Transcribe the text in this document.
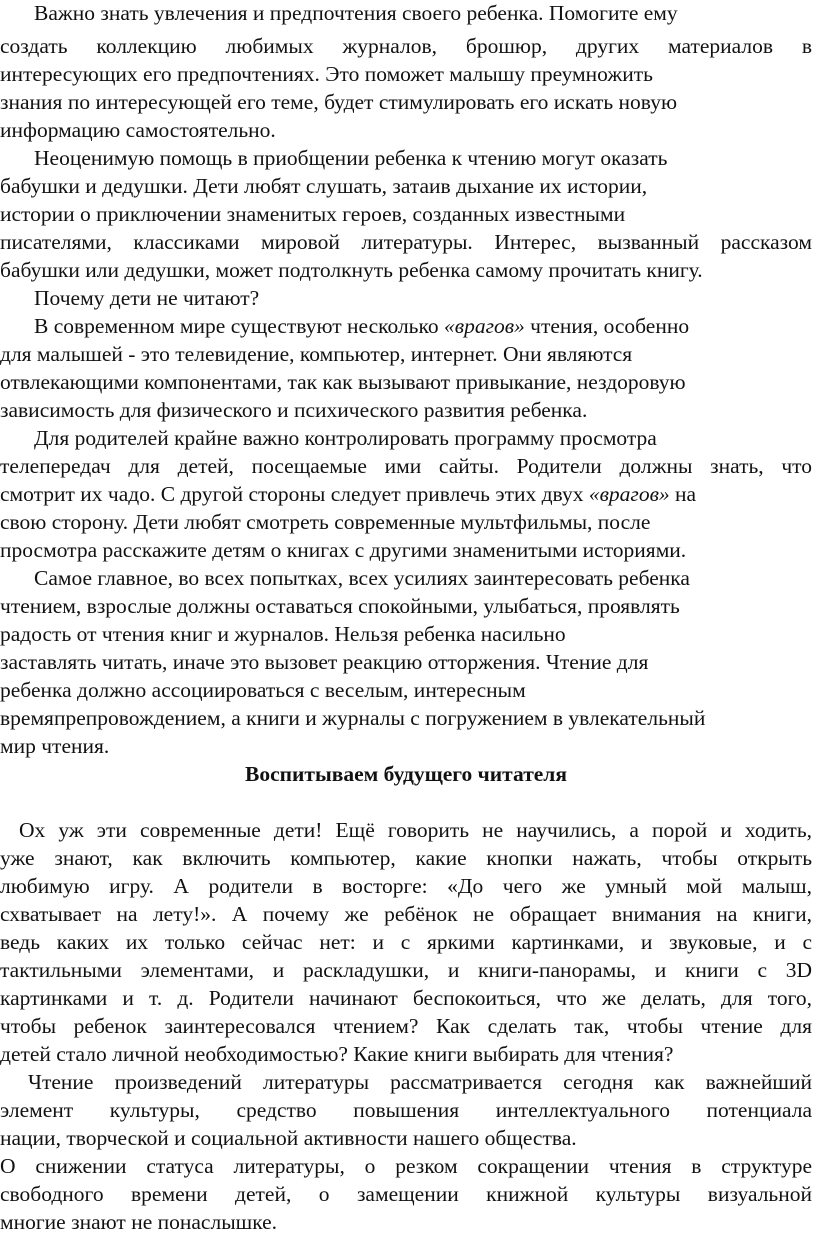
Важно знать увлечения и предпочтения своего ребенка. Помогите ему
создать коллекцию любимых журналов, брошюр, других материалов в
интересующих его предпочтениях. Это поможет малышу преумножить
знания по интересующей его теме, будет стимулировать его искать новую
информацию самостоятельно.
Неоценимую помощь в приобщении ребенка к чтению могут оказать
бабушки и дедушки. Дети любят слушать, затаив дыхание их истории,
истории о приключении знаменитых героев, созданных известными
писателями, классиками мировой литературы. Интерес, вызванный рассказом
бабушки или дедушки, может подтолкнуть ребенка самому прочитать книгу.
Почему дети не читают?
В современном мире существуют несколько «врагов» чтения, особенно
для малышей - это телевидение, компьютер, интернет. Они являются
отвлекающими компонентами, так как вызывают привыкание, нездоровую
зависимость для физического и психического развития ребенка.
Для родителей крайне важно контролировать программу просмотра
телепередач для детей, посещаемые ими сайты. Родители должны знать, что
смотрит их чадо. С другой стороны следует привлечь этих двух «врагов» на
свою сторону. Дети любят смотреть современные мультфильмы, после
просмотра расскажите детям о книгах с другими знаменитыми историями.
Самое главное, во всех попытках, всех усилиях заинтересовать ребенка
чтением, взрослые должны оставаться спокойными, улыбаться, проявлять
радость от чтения книг и журналов. Нельзя ребенка насильно
заставлять читать, иначе это вызовет реакцию отторжения. Чтение для
ребенка должно ассоциироваться с веселым, интересным
времяпрепровождением, а книги и журналы с погружением в увлекательный
мир чтения.
Воспитываем будущего читателя
Ох уж эти современные дети! Ещё говорить не научились, а порой и ходить,
уже знают, как включить компьютер, какие кнопки нажать, чтобы открыть
любимую игру. А родители в восторге: «До чего же умный мой малыш,
схватывает на лету!». А почему же ребёнок не обращает внимания на книги,
ведь каких их только сейчас нет: и с яркими картинками, и звуковые, и с
тактильными элементами, и раскладушки, и книги-панорамы, и книги с 3D
картинками и т. д. Родители начинают беспокоиться, что же делать, для того,
чтобы ребенок заинтересовался чтением? Как сделать так, чтобы чтение для
детей стало личной необходимостью? Какие книги выбирать для чтения?
Чтение произведений литературы рассматривается сегодня как важнейший
элемент культуры, средство повышения интеллектуального потенциала
нации, творческой и социальной активности нашего общества.
О снижении статуса литературы, о резком сокращении чтения в структуре
свободного времени детей, о замещении книжной культуры визуальной
многие знают не понаслышке.
